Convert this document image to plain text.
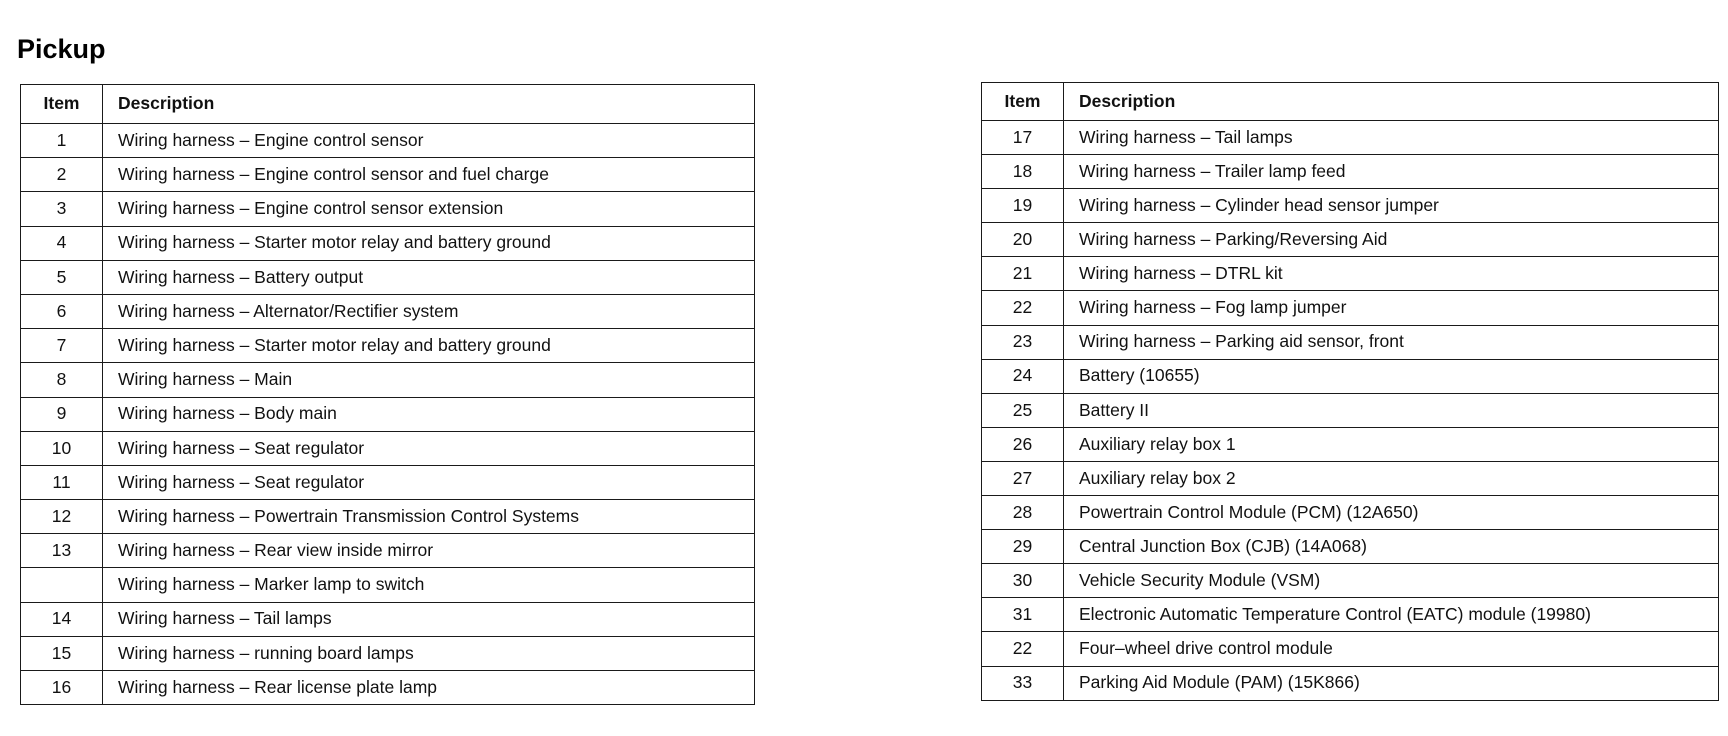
Pickup
Item	Description
1	Wiring harness – Engine control sensor
2	Wiring harness – Engine control sensor and fuel charge
3	Wiring harness – Engine control sensor extension
4	Wiring harness – Starter motor relay and battery ground
5	Wiring harness – Battery output
6	Wiring harness – Alternator/Rectifier system
7	Wiring harness – Starter motor relay and battery ground
8	Wiring harness – Main
9	Wiring harness – Body main
10	Wiring harness – Seat regulator
11	Wiring harness – Seat regulator
12	Wiring harness – Powertrain Transmission Control Systems
13	Wiring harness – Rear view inside mirror
	Wiring harness – Marker lamp to switch
14	Wiring harness – Tail lamps
15	Wiring harness – running board lamps
16	Wiring harness – Rear license plate lamp
Item	Description
17	Wiring harness – Tail lamps
18	Wiring harness – Trailer lamp feed
19	Wiring harness – Cylinder head sensor jumper
20	Wiring harness – Parking/Reversing Aid
21	Wiring harness – DTRL kit
22	Wiring harness – Fog lamp jumper
23	Wiring harness – Parking aid sensor, front
24	Battery (10655)
25	Battery II
26	Auxiliary relay box 1
27	Auxiliary relay box 2
28	Powertrain Control Module (PCM) (12A650)
29	Central Junction Box (CJB) (14A068)
30	Vehicle Security Module (VSM)
31	Electronic Automatic Temperature Control (EATC) module (19980)
22	Four–wheel drive control module
33	Parking Aid Module (PAM) (15K866)
